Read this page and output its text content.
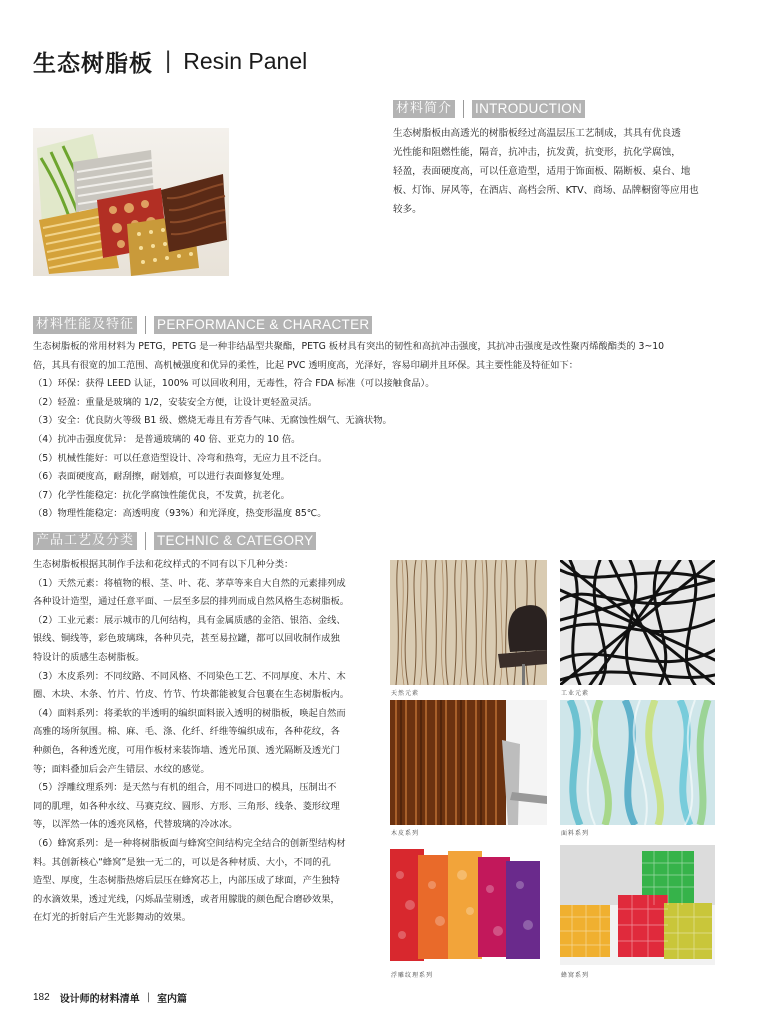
生态树脂板 | Resin Panel
材料简介 INTRODUCTION
生态树脂板由高透光的树脂板经过高温层压工艺制成，其具有优良透
光性能和阻燃性能，隔音，抗冲击，抗发黄，抗变形，抗化学腐蚀，
轻盈，表面硬度高，可以任意造型，适用于饰面板、隔断板、桌台、地
板、灯饰、屏风等，在酒店、高档会所、KTV、商场、品牌橱窗等应用也
较多。
材料性能及特征 PERFORMANCE & CHARACTER
生态树脂板的常用材料为 PETG，PETG 是一种非结晶型共聚酯，PETG 板材具有突出的韧性和高抗冲击强度，其抗冲击强度是改性聚丙烯酸酯类的 3~10
倍，其具有很宽的加工范围、高机械强度和优异的柔性，比起 PVC 透明度高，光泽好，容易印刷并且环保。其主要性能及特征如下：
（1）环保：获得 LEED 认证，100% 可以回收利用，无毒性，符合 FDA 标准（可以接触食品）。
（2）轻盈：重量是玻璃的 1/2，安装安全方便，让设计更轻盈灵活。
（3）安全：优良防火等级 B1 级、燃烧无毒且有芳香气味、无腐蚀性烟气、无滴状物。
（4）抗冲击强度优异： 是普通玻璃的 40 倍、亚克力的 10 倍。
（5）机械性能好：可以任意造型设计、冷弯和热弯，无应力且不泛白。
（6）表面硬度高，耐刮擦，耐划痕，可以进行表面修复处理。
（7）化学性能稳定：抗化学腐蚀性能优良，不发黄，抗老化。
（8）物理性能稳定：高透明度（93%）和光泽度，热变形温度 85℃。
产品工艺及分类 TECHNIC & CATEGORY
生态树脂板根据其制作手法和花纹样式的不同有以下几种分类：
（1）天然元素：将植物的根、茎、叶、花、茅草等来自大自然的元素排列成
各种设计造型，通过任意平面、一层至多层的排列而成自然风格生态树脂板。
（2）工业元素：展示城市的几何结构，具有金属质感的金箔、银箔、金线、
银线、铜线等，彩色玻璃珠，各种贝壳，甚至易拉罐，都可以回收制作成独
特设计的质感生态树脂板。
（3）木皮系列：不同纹路、不同风格、不同染色工艺、不同厚度、木片、木
圈、木块、木条、竹片、竹皮、竹节、竹块都能被复合包裹在生态树脂板内。
（4）面料系列：将柔软的半透明的编织面料嵌入透明的树脂板，唤起自然而
高雅的场所氛围。棉、麻、毛、涤、化纤、纤维等编织成布，各种花纹，各
种颜色，各种透光度，可用作板材来装饰墙、透光吊顶、透光隔断及透光门
等；面料叠加后会产生错层、水纹的感觉。
（5）浮雕纹理系列：是天然与有机的组合，用不同进口的模具，压制出不
同的肌理，如各种水纹、马赛克纹、圆形、方形、三角形、线条、菱形纹理
等，以浑然一体的透亮风格，代替玻璃的冷冰冰。
（6）蜂窝系列：是一种将树脂板面与蜂窝空间结构完全结合的创新型结构材
料。其创新核心“蜂窝”是独一无二的，可以是各种材质、大小，不同的孔
造型、厚度，生态树脂热熔后层压在蜂窝芯上，内部压成了球面，产生独特
的水滴效果，透过光线，闪烁晶莹剔透，或者用朦胧的颜色配合磨砂效果，
在灯光的折射后产生光影舞动的效果。
天然元素	工业元素
木皮系列	面料系列
浮雕纹理系列	蜂窝系列
182 设计师的材料清单 | 室内篇
